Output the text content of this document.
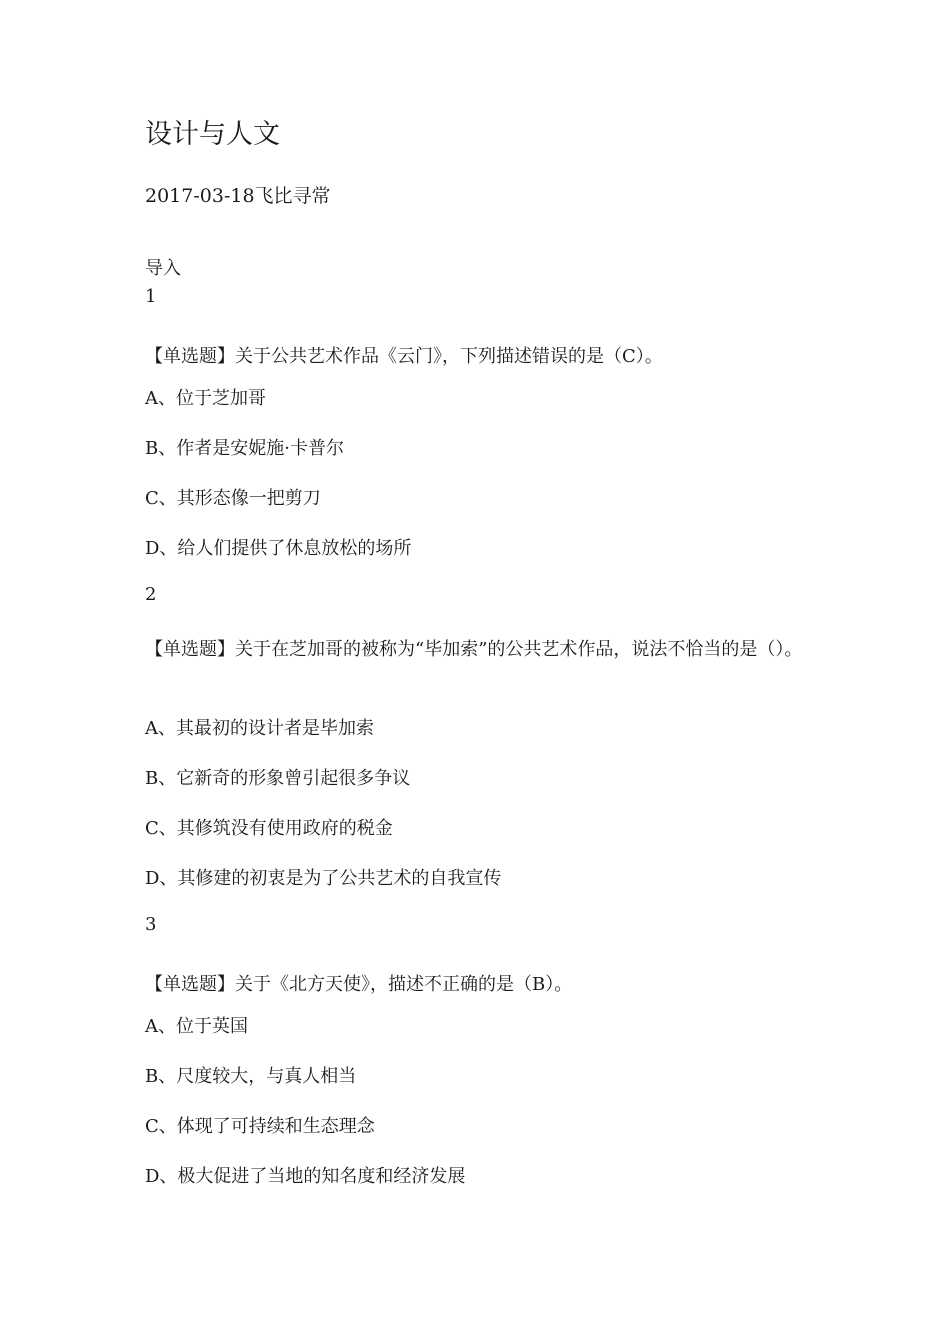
设计与人文
2017-03-18飞比寻常
导入
1
【单选题】关于公共艺术作品《云门》，下列描述错误的是（C）。
A、位于芝加哥
B、作者是安妮施·卡普尔
C、其形态像一把剪刀
D、给人们提供了休息放松的场所
2
【单选题】关于在芝加哥的被称为“毕加索”的公共艺术作品，说法不恰当的是（）。
A、其最初的设计者是毕加索
B、它新奇的形象曾引起很多争议
C、其修筑没有使用政府的税金
D、其修建的初衷是为了公共艺术的自我宣传
3
【单选题】关于《北方天使》，描述不正确的是（B）。
A、位于英国
B、尺度较大，与真人相当
C、体现了可持续和生态理念
D、极大促进了当地的知名度和经济发展
